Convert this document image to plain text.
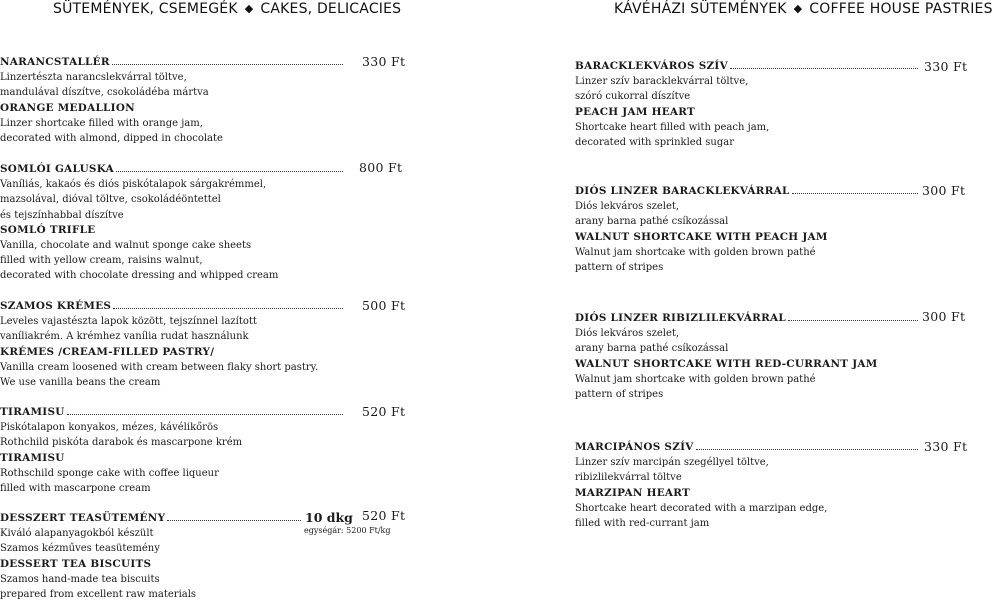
SÜTEMÉNYEK, CSEMEGÉK ◆ CAKES, DELICACIES	KÁVÉHÁZI SÜTEMÉNYEK ◆ COFFEE HOUSE PASTRIES
NARANCSTALLÉR
Linzertészta narancslekvárral töltve,
mandulával díszítve, csokoládéba mártva
ORANGE MEDALLION
Linzer shortcake filled with orange jam,
decorated with almond, dipped in chocolate
330 Ft
SOMLÓI GALUSKA
Vaníliás, kakaós és diós piskótalapok sárgakrémmel,
mazsolával, dióval töltve, csokoládéöntettel
és tejszínhabbal díszítve
SOMLÓ TRIFLE
Vanilla, chocolate and walnut sponge cake sheets
filled with yellow cream, raisins walnut,
decorated with chocolate dressing and whipped cream
800 Ft
SZAMOS KRÉMES
Leveles vajastészta lapok között, tejszínnel lazított
vaníliakrém. A krémhez vanília rudat használunk
KRÉMES /CREAM-FILLED PASTRY/
Vanilla cream loosened with cream between flaky short pastry.
We use vanilla beans the cream
500 Ft
TIRAMISU
Piskótalapon konyakos, mézes, kávélikőrös
Rothchild piskóta darabok és mascarpone krém
TIRAMISU
Rothschild sponge cake with coffee liqueur
filled with mascarpone cream
520 Ft
DESSZERT TEASÜTEMÉNY
Kiváló alapanyagokból készült
Szamos kézműves teasütemény
DESSERT TEA BISCUITS
Szamos hand-made tea biscuits
prepared from excellent raw materials
10 dkg 520 Ft
egységár: 5200 Ft/kg
BARACKLEKVÁROS SZÍV
Linzer szív baracklekvárral töltve,
szóró cukorral díszítve
PEACH JAM HEART
Shortcake heart filled with peach jam,
decorated with sprinkled sugar
330 Ft
DIÓS LINZER BARACKLEKVÁRRAL
Diós lekváros szelet,
arany barna pathé csíkozással
WALNUT SHORTCAKE WITH PEACH JAM
Walnut jam shortcake with golden brown pathé
pattern of stripes
300 Ft
DIÓS LINZER RIBIZLILEKVÁRRAL
Diós lekváros szelet,
arany barna pathé csíkozással
WALNUT SHORTCAKE WITH RED-CURRANT JAM
Walnut jam shortcake with golden brown pathé
pattern of stripes
300 Ft
MARCIPÁNOS SZÍV
Linzer szív marcipán szegéllyel töltve,
ribizlilekvárral töltve
MARZIPAN HEART
Shortcake heart decorated with a marzipan edge,
filled with red-currant jam
330 Ft
